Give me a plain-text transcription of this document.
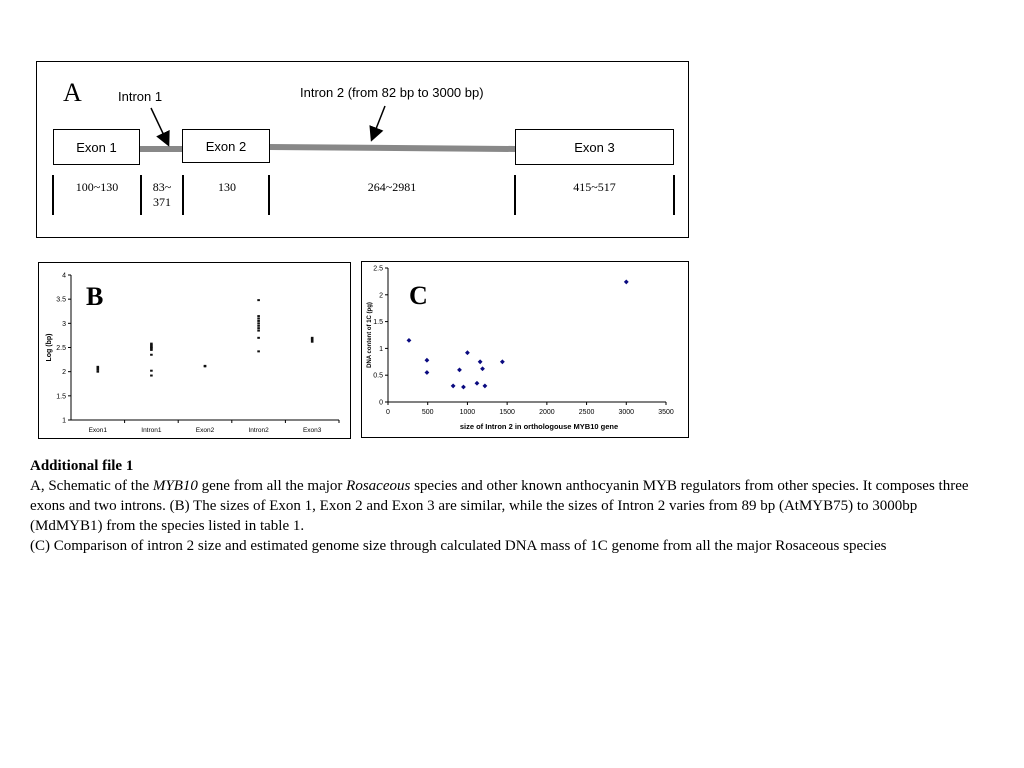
A	Intron 1	Intron 2 (from 82 bp to 3000 bp)
Exon 1	Exon 2	Exon 3
100~130	83~
371
130	264~2981	415~517
1
1.5
2
2.5
3
3.5
4
Exon1	Intron1	Exon2	Intron2	Exon3
Log (bp)
B
0
0.5
1
1.5
2
2.5
0	500	1000	1500	2000	2500	3000	3500
size of Intron 2 in orthologouse MYB10 gene
DNA content of 1C (pg)
C

Additional file 1

A, Schematic of the MYB10 gene from all the major Rosaceous species and other known anthocyanin MYB regulators from other species. It composes three exons and two introns. (B) The sizes of Exon 1, Exon 2 and Exon 3 are similar, while the sizes of Intron 2 varies from 89 bp (AtMYB75) to 3000bp (MdMYB1) from the species listed in table 1.

(C) Comparison of intron 2 size and estimated genome size through calculated DNA mass of 1C genome from all the major Rosaceous species
